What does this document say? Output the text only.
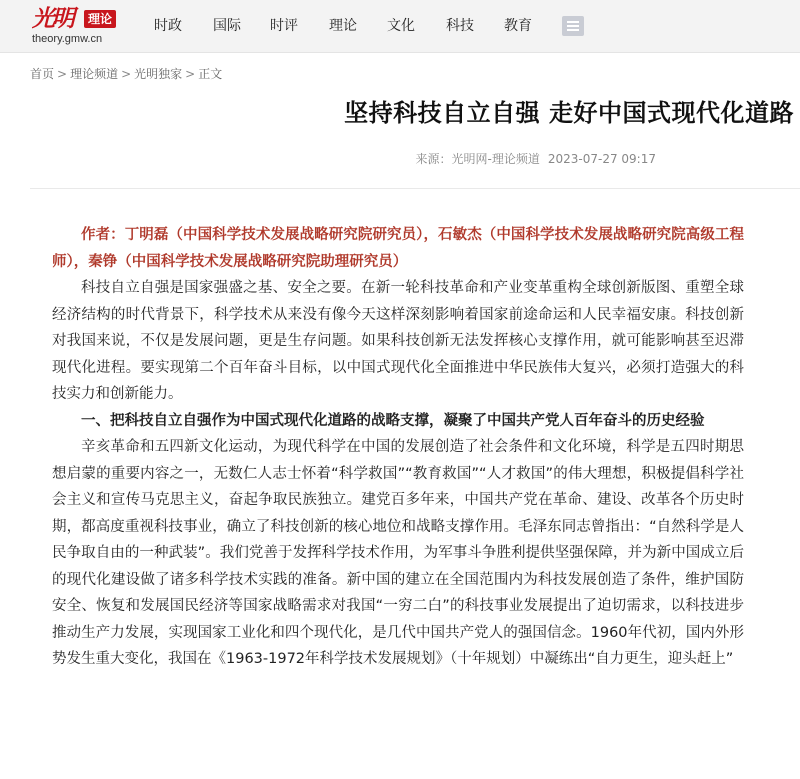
光明	理论
theory.gmw.cn
时政 国际 时评 理论 文化 科技 教育
首页 > 理论频道 > 光明独家 > 正文
坚持科技自立自强 走好中国式现代化道路
来源：光明网-理论频道 2023-07-27 09:17

作者：丁明磊（中国科学技术发展战略研究院研究员），石敏杰（中国科学技术发展战略研究院高级工程师），秦铮（中国科学技术发展战略研究院助理研究员）

科技自立自强是国家强盛之基、安全之要。在新一轮科技革命和产业变革重构全球创新版图、重塑全球经济结构的时代背景下，科学技术从来没有像今天这样深刻影响着国家前途命运和人民幸福安康。科技创新对我国来说，不仅是发展问题，更是生存问题。如果科技创新无法发挥核心支撑作用，就可能影响甚至迟滞现代化进程。要实现第二个百年奋斗目标，以中国式现代化全面推进中华民族伟大复兴，必须打造强大的科技实力和创新能力。

一、把科技自立自强作为中国式现代化道路的战略支撑，凝聚了中国共产党人百年奋斗的历史经验

辛亥革命和五四新文化运动，为现代科学在中国的发展创造了社会条件和文化环境，科学是五四时期思想启蒙的重要内容之一，无数仁人志士怀着“科学救国”“教育救国”“人才救国”的伟大理想，积极提倡科学社会主义和宣传马克思主义，奋起争取民族独立。建党百多年来，中国共产党在革命、建设、改革各个历史时期，都高度重视科技事业，确立了科技创新的核心地位和战略支撑作用。毛泽东同志曾指出：“自然科学是人民争取自由的一种武装”。我们党善于发挥科学技术作用，为军事斗争胜利提供坚强保障，并为新中国成立后的现代化建设做了诸多科学技术实践的准备。新中国的建立在全国范围内为科技发展创造了条件，维护国防安全、恢复和发展国民经济等国家战略需求对我国“一穷二白”的科技事业发展提出了迫切需求，以科技进步推动生产力发展，实现国家工业化和四个现代化，是几代中国共产党人的强国信念。1960年代初，国内外形势发生重大变化，我国在《1963-1972年科学技术发展规划》（十年规划）中凝练出“自力更生，迎头赶上”
